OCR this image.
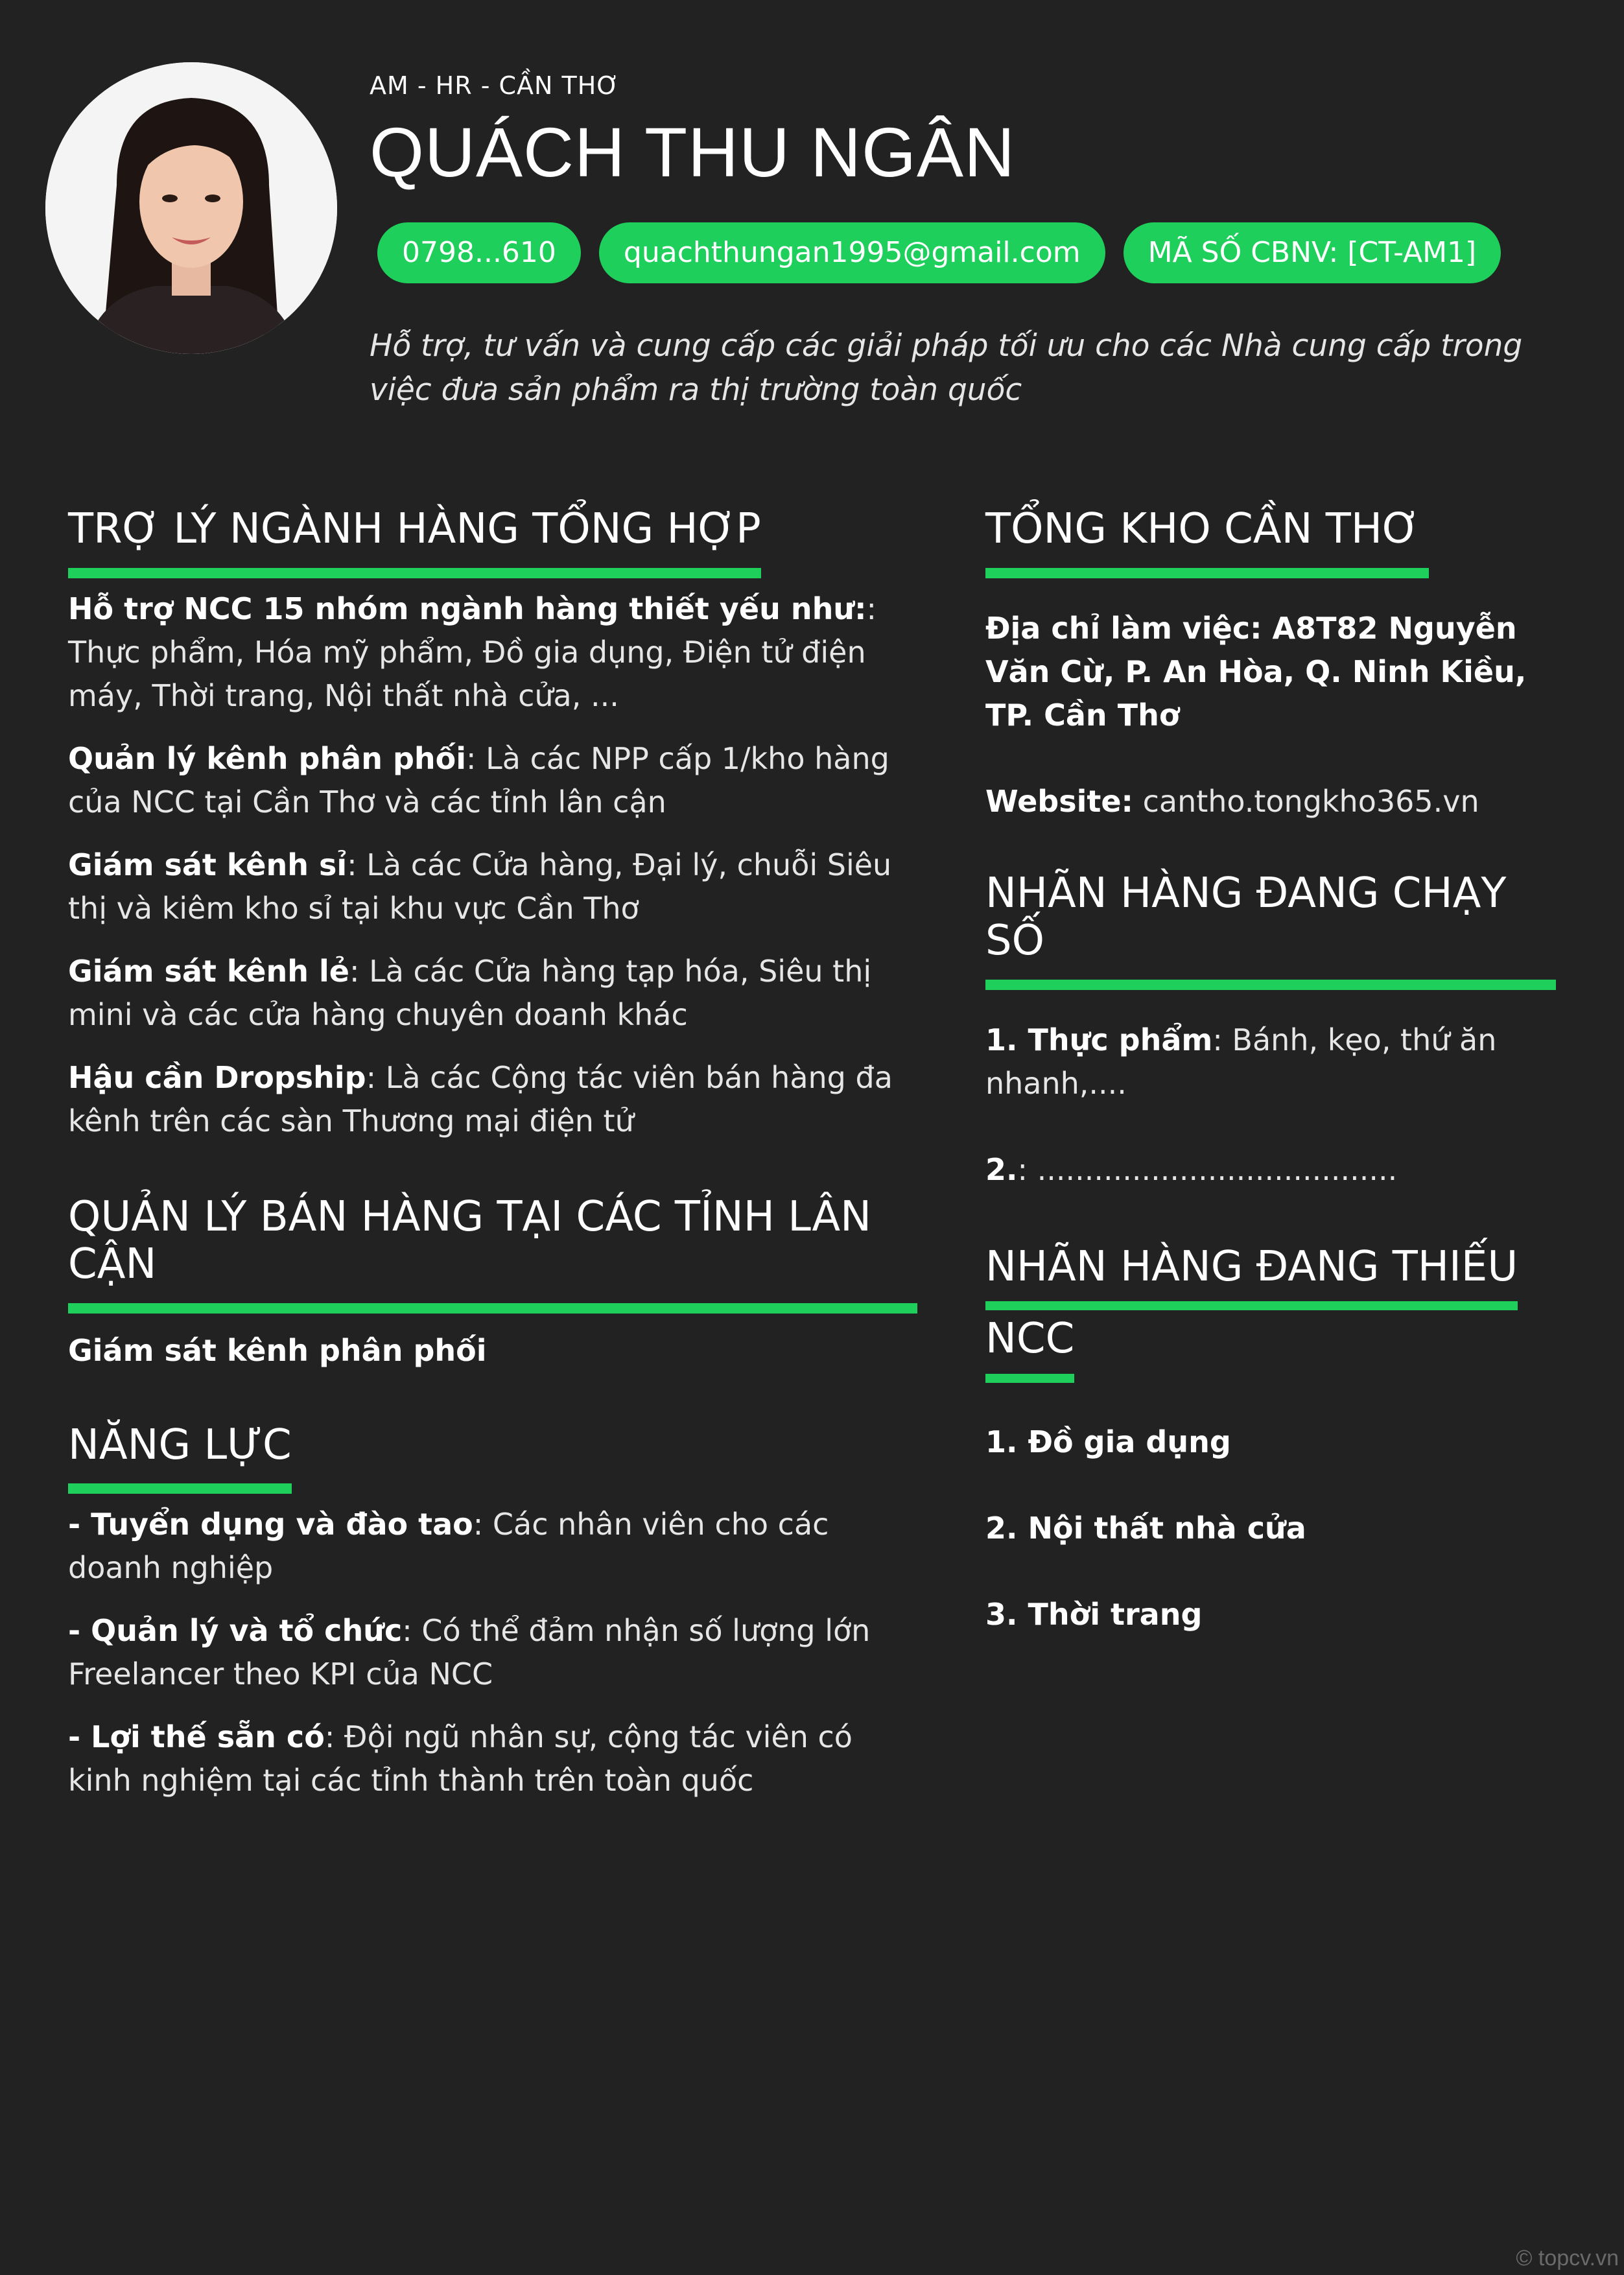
AM - HR - CẦN THƠ
QUÁCH THU NGÂN
0798...610	quachthungan1995@gmail.com	MÃ SỐ CBNV: [CT-AM1]
Hỗ trợ, tư vấn và cung cấp các giải pháp tối ưu cho các Nhà cung cấp trong việc đưa sản phẩm ra thị trường toàn quốc
TRỢ LÝ NGÀNH HÀNG TỔNG HỢP

Hỗ trợ NCC 15 nhóm ngành hàng thiết yếu như:: Thực phẩm, Hóa mỹ phẩm, Đồ gia dụng, Điện tử điện máy, Thời trang, Nội thất nhà cửa, ...

Quản lý kênh phân phối: Là các NPP cấp 1/kho hàng của NCC tại Cần Thơ và các tỉnh lân cận

Giám sát kênh sỉ: Là các Cửa hàng, Đại lý, chuỗi Siêu thị và kiêm kho sỉ tại khu vực Cần Thơ

Giám sát kênh lẻ: Là các Cửa hàng tạp hóa, Siêu thị mini và các cửa hàng chuyên doanh khác

Hậu cần Dropship: Là các Cộng tác viên bán hàng đa kênh trên các sàn Thương mại điện tử

QUẢN LÝ BÁN HÀNG TẠI CÁC TỈNH LÂN CẬN

Giám sát kênh phân phối

NĂNG LỰC

- Tuyển dụng và đào tao: Các nhân viên cho các doanh nghiệp

- Quản lý và tổ chức: Có thể đảm nhận số lượng lớn Freelancer theo KPI của NCC

- Lợi thế sẵn có: Đội ngũ nhân sự, cộng tác viên có kinh nghiệm tại các tỉnh thành trên toàn quốc

TỔNG KHO CẦN THƠ

Địa chỉ làm việc: A8T82 Nguyễn Văn Cừ, P. An Hòa, Q. Ninh Kiều, TP. Cần Thơ

Website: cantho.tongkho365.vn

NHÃN HÀNG ĐANG CHẠY SỐ

1. Thực phẩm: Bánh, kẹo, thứ ăn nhanh,....

2.: ......................................

NHÃN HÀNG ĐANG THIẾU
NCC

1. Đồ gia dụng

2. Nội thất nhà cửa

3. Thời trang

© topcv.vn
